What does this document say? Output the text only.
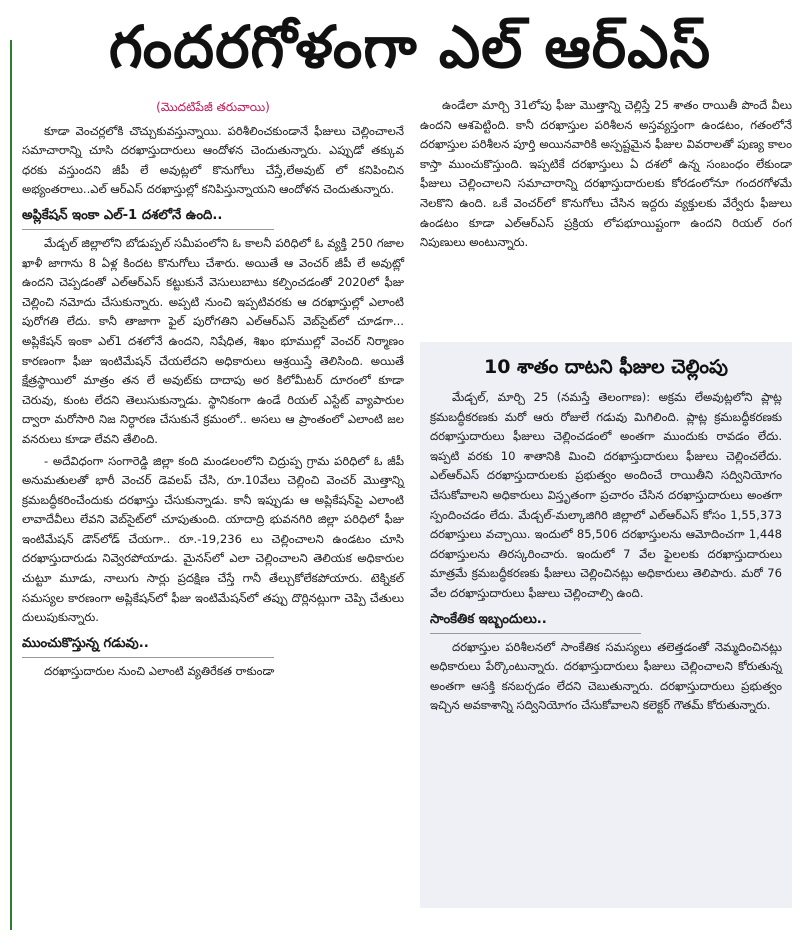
గందరగోళంగా ఎల్ ఆర్ఎస్
(మొదటిపేజీ తరువాయి)

కూడా వెంచర్లలోకి చొచ్చుకువస్తున్నాయి. పరిశీలించకుండానే ఫీజులు చెల్లించాలనే సమాచారాన్ని చూసి దరఖాస్తుదారులు ఆందోళన చెందుతున్నారు. ఎప్పుడో తక్కువ ధరకు వస్తుందని జీపీ లే అవుట్లలో కొనుగోలు చేస్తే,లేఅవుట్ లో కనిపించిన అభ్యంతరాలు..ఎల్ ఆర్ఎస్ దరఖాస్తుల్లో కనిపిస్తున్నాయని ఆందోళన చెందుతున్నారు.

అప్లికేషన్ ఇంకా ఎల్-1 దశలోనే ఉంది..

మేడ్చల్ జిల్లాలోని బోడుప్పల్ సమీపంలోని ఓ కాలనీ పరిధిలో ఓ వ్యక్తి 250 గజాల ఖాళీ జాగాను 8 ఏళ్ల కిందట కొనుగోలు చేశారు. అయితే ఆ వెంచర్ జీపీ లే అవుట్లో ఉందని చెప్పడంతో ఎల్ఆర్ఎస్ కట్టుకునే వెసులుబాటు కల్పించడంతో 2020లో ఫీజు చెల్లించి నమోదు చేసుకున్నారు. అప్పటి నుంచి ఇప్పటివరకు ఆ దరఖాస్తుల్లో ఎలాంటి పురోగతి లేదు. కానీ తాజాగా ఫైల్ పురోగతిని ఎల్ఆర్ఎస్ వెబ్‌సైట్‌లో చూడగా... అప్లికేషన్ ఇంకా ఎల్1 దశలోనే ఉందని, నిషేధిత, శిఖం భూముల్లో వెంచర్ నిర్మాణం కారణంగా ఫీజు ఇంటిమేషన్ చేయలేదని అధికారులు ఆశ్రయిస్తే తెలిసింది. అయితే క్షేత్రస్థాయిలో మాత్రం తన లే అవుట్‌కు దాదాపు అర కిలోమీటర్ దూరంలో కూడా చెరువు, కుంట లేదని తెలుసుకున్నాడు. స్థానికంగా ఉండే రియల్ ఎస్టేట్ వ్యాపారుల ద్వారా మరోసారి నిజ నిర్ధారణ చేసుకునే క్రమంలో.. అసలు ఆ ప్రాంతంలో ఎలాంటి జల వనరులు కూడా లేవని తేలింది.

- అదేవిధంగా సంగారెడ్డి జిల్లా కంది మండలంలోని చిద్రుప్ప గ్రామ పరిధిలో ఓ జీపీ అనుమతులతో భారీ వెంచర్ డెవలప్ చేసి, రూ.10వేలు చెల్లించి వెంచర్ మొత్తాన్ని క్రమబద్ధీకరించేందుకు దరఖాస్తు చేసుకున్నాడు. కానీ ఇప్పుడు ఆ అప్లికేషన్‌పై ఎలాంటి లావాదేవీలు లేవని వెబ్‌సైట్‌లో చూపుతుంది. యాదాద్రి భువనగిరి జిల్లా పరిధిలో ఫీజు ఇంటిమేషన్ డౌన్‌లోడ్ చేయగా.. రూ.-19,236 లు చెల్లించాలని ఉండటం చూసి దరఖాస్తుదారుడు నివ్వెరపోయాడు. మైనస్‌లో ఎలా చెల్లించాలని తెలియక అధికారుల చుట్టూ మూడు, నాలుగు సార్లు ప్రదక్షిణ చేస్తే గానీ తేల్చుకోలేకపోయారు. టెక్నికల్ సమస్యల కారణంగా అప్లికేషన్‌లో ఫీజు ఇంటిమేషన్‌లో తప్పు దొర్లినట్లుగా చెప్పి చేతులు దులుపుకున్నారు.

ముంచుకొస్తున్న గడువు..

దరఖాస్తుదారుల నుంచి ఎలాంటి వ్యతిరేకత రాకుండా

ఉండేలా మార్చి 31లోపు ఫీజు మొత్తాన్ని చెల్లిస్తే 25 శాతం రాయితీ పొందే వీలు ఉందని ఆశపెట్టింది. కానీ దరఖాస్తుల పరిశీలన అస్తవ్యస్తంగా ఉండటం, గతంలోనే దరఖాస్తుల పరిశీలన పూర్తి అయినవారికి అస్పష్టమైన ఫీజుల వివరాలతో పుణ్య కాలం కాస్తా ముంచుకొస్తుంది. ఇప్పటికే దరఖాస్తులు ఏ దశలో ఉన్న సంబంధం లేకుండా ఫీజులు చెల్లించాలని సమాచారాన్ని దరఖాస్తుదారులకు కోరడంలోనూ గందరగోళమే నెలకొని ఉంది. ఒకే వెంచర్‌లో కొనుగోలు చేసిన ఇద్దరు వ్యక్తులకు వేర్వేరు ఫీజులు ఉండటం కూడా ఎల్ఆర్ఎస్ ప్రక్రియ లోపభూయిష్టంగా ఉందని రియల్ రంగ నిపుణులు అంటున్నారు.

10 శాతం దాటని ఫీజుల చెల్లింపు

మేడ్చల్, మార్చి 25 (నమస్తే తెలంగాణ): అక్రమ లేఅవుట్లలోని ప్లాట్ల క్రమబద్ధీకరణకు మరో ఆరు రోజులే గడువు మిగిలింది. ప్లాట్ల క్రమబద్ధీకరణకు దరఖాస్తుదారులు ఫీజులు చెల్లించడంలో అంతగా ముందుకు రావడం లేదు. ఇప్పటి వరకు 10 శాతానికి మించి దరఖాస్తుదారులు ఫీజులు చెల్లించలేదు. ఎల్ఆర్ఎస్ దరఖాస్తుదారులకు ప్రభుత్వం అందించే రాయితీని సద్వినియోగం చేసుకోవాలని అధికారులు విస్తృతంగా ప్రచారం చేసిన దరఖాస్తుదారులు అంతగా స్పందించడం లేదు. మేడ్చల్-మల్కాజిగిరి జిల్లాలో ఎల్ఆర్ఎస్ కోసం 1,55,373 దరఖాస్తులు వచ్చాయి. ఇందులో 85,506 దరఖాస్తులను ఆమోదించగా 1,448 దరఖాస్తులను తిరస్కరించారు. ఇందులో 7 వేల ఫైలలకు దరఖాస్తుదారులు మాత్రమే క్రమబద్ధీకరణకు ఫీజులు చెల్లించినట్లు అధికారులు తెలిపారు. మరో 76 వేల దరఖాస్తుదారులు ఫీజులు చెల్లించాల్సి ఉంది.

సాంకేతిక ఇబ్బందులు..

దరఖాస్తుల పరిశీలనలో సాంకేతిక సమస్యలు తలెత్తడంతో నెమ్మదించినట్లు అధికారులు పేర్కొంటున్నారు. దరఖాస్తుదారులు ఫీజులు చెల్లించాలని కోరుతున్న అంతగా ఆసక్తి కనబర్చడం లేదని చెబుతున్నారు. దరఖాస్తుదారులు ప్రభుత్వం ఇచ్చిన అవకాశాన్ని సద్వినియోగం చేసుకోవాలని కలెక్టర్ గౌతమ్ కోరుతున్నారు.
